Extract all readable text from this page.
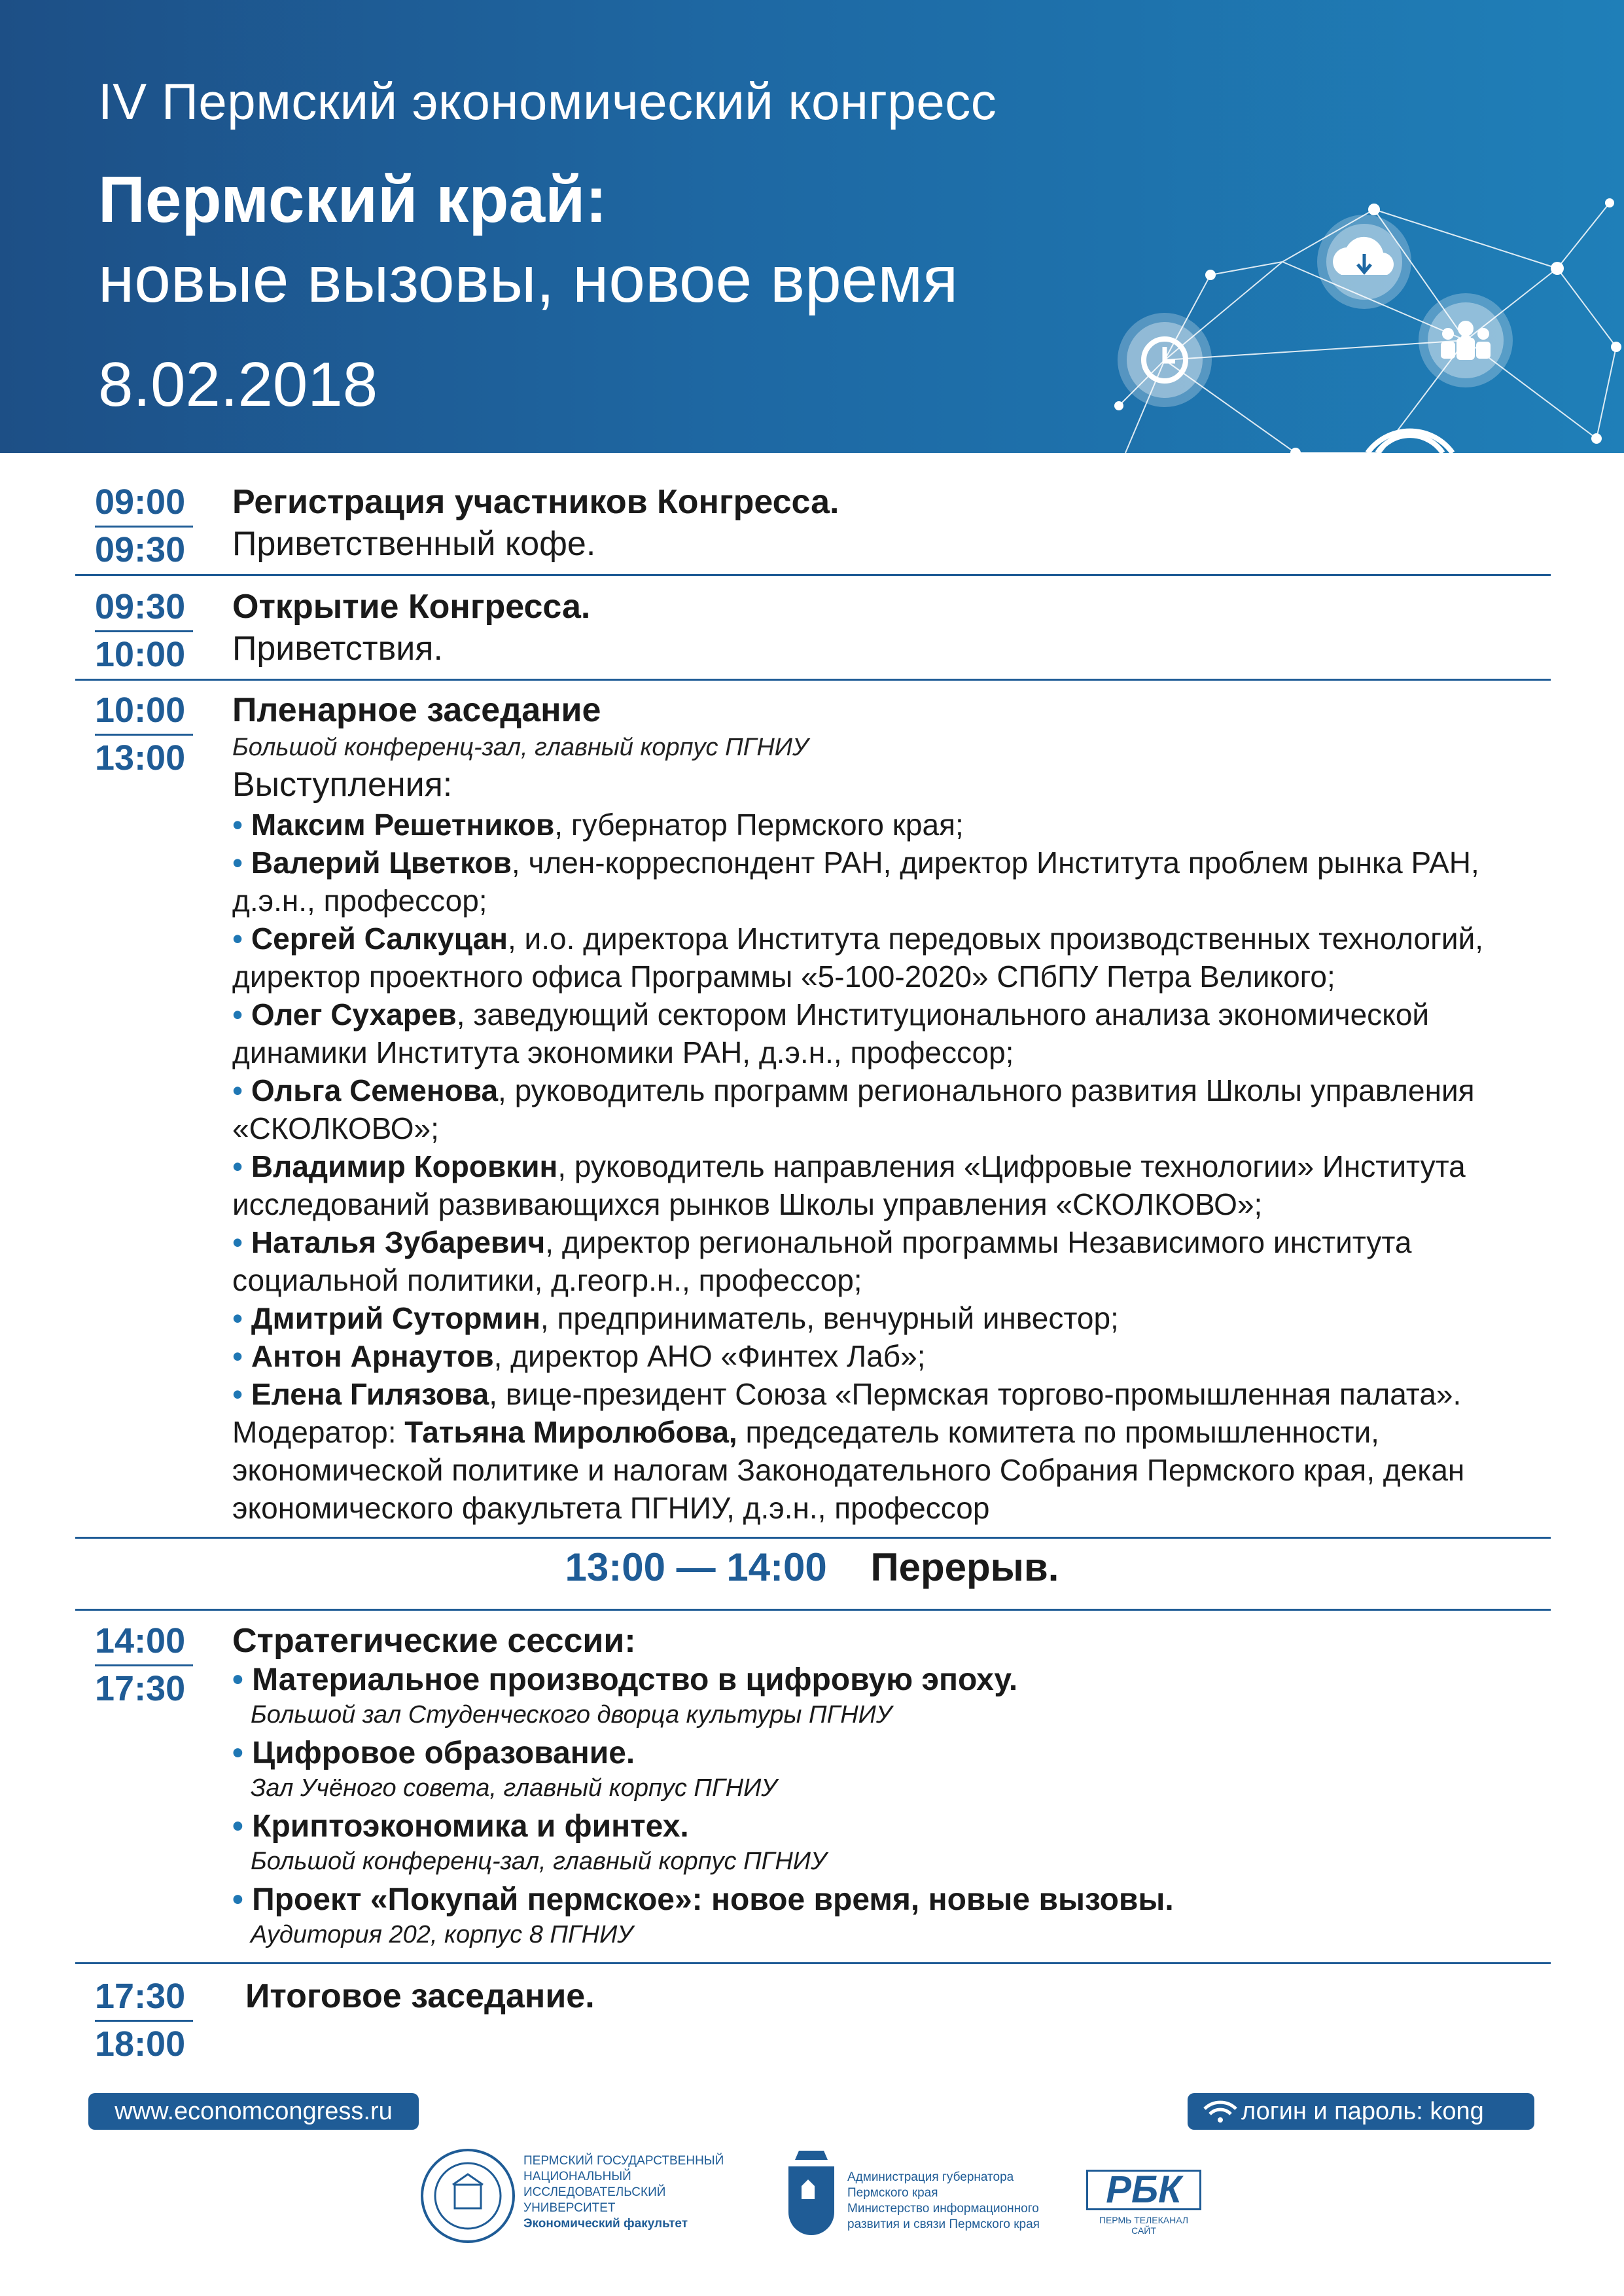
IV Пермский экономический конгресс
Пермский край:
новые вызовы, новое время
8.02.2018
09:00
09:30
Регистрация участников Конгресса.
Приветственный кофе.
09:30
10:00
Открытие Конгресса.
Приветствия.
10:00
13:00
Пленарное заседание
Большой конференц-зал, главный корпус ПГНИУ
Выступления:

• Максим Решетников, губернатор Пермского края;

• Валерий Цветков, член-корреспондент РАН, директор Института проблем рынка РАН, д.э.н., профессор;

• Сергей Салкуцан, и.о. директора Института передовых производственных технологий, директор проектного офиса Программы «5-100-2020» СПбПУ Петра Великого;

• Олег Сухарев, заведующий сектором Институционального анализа экономической динамики Института экономики РАН, д.э.н., профессор;

• Ольга Семенова, руководитель программ регионального развития Школы управления «СКОЛКОВО»;

• Владимир Коровкин, руководитель направления «Цифровые технологии» Института исследований развивающихся рынков Школы управления «СКОЛКОВО»;

• Наталья Зубаревич, директор региональной программы Независимого института социальной политики, д.геогр.н., профессор;

• Дмитрий Сутормин, предприниматель, венчурный инвестор;

• Антон Арнаутов, директор АНО «Финтех Лаб»;

• Елена Гилязова, вице-президент Союза «Пермская торгово-промышленная палата».

Модератор: Татьяна Миролюбова, председатель комитета по промышленности, экономической политике и налогам Законодательного Собрания Пермского края, декан экономического факультета ПГНИУ, д.э.н., профессор

13:00 — 14:00 Перерыв.
14:00
17:30
Стратегические сессии:
• Материальное производство в цифровую эпоху.
Большой зал Студенческого дворца культуры ПГНИУ
• Цифровое образование.
Зал Учёного совета, главный корпус ПГНИУ
• Криптоэкономика и финтех.
Большой конференц-зал, главный корпус ПГНИУ
• Проект «Покупай пермское»: новое время, новые вызовы.
Аудитория 202, корпус 8 ПГНИУ
17:30
18:00
Итоговое заседание.
www.economcongress.ru	логин и пароль: kong kong
ПЕРМСКИЙ ГОСУДАРСТВЕННЫЙ НАЦИОНАЛЬНЫЙ ИССЛЕДОВАТЕЛЬСКИЙ УНИВЕРСИТЕТ
Экономический факультет
Администрация губернатора
Пермского края
Министерство информационного развития и связи Пермского края
РБК
ПЕРМЬ ТЕЛЕКАНАЛ САЙТ
